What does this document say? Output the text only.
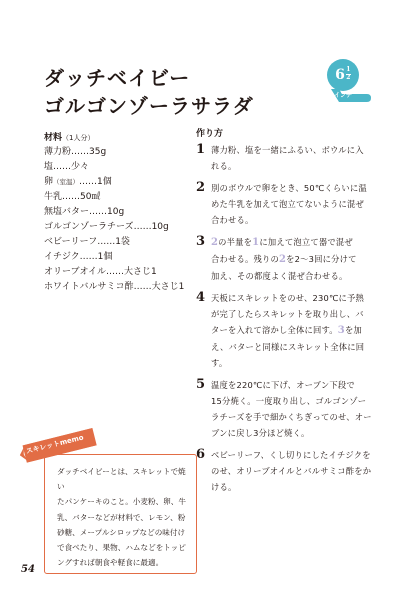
ダッチベイビー
ゴルゴンゾーラサラダ
$6 \frac{1}{2}$
インチ
材料（1人分）
薄力粉……35g
塩……少々
卵（室温）……1個
牛乳……50㎖
無塩バター……10g
ゴルゴンゾーラチーズ……10g
ベビーリーフ……1袋
イチジク……1個
オリーブオイル……大さじ1
ホワイトバルサミコ酢……大さじ1
作り方
1 薄力粉、塩を一緒にふるい、ボウルに入
れる。
2 別のボウルで卵をとき、50℃くらいに温
めた牛乳を加えて泡立てないように混ぜ
合わせる。
3 2の半量を1に加えて泡立て器で混ぜ
合わせる。残りの2を2～3回に分けて
加え、その都度よく混ぜ合わせる。
4 天板にスキレットをのせ、230℃に予熱
が完了したらスキレットを取り出し、バ
ターを入れて溶かし全体に回す。3を加
え、バターと同様にスキレット全体に回
す。
5 温度を220℃に下げ、オーブン下段で
15分焼く。一度取り出し、ゴルゴンゾー
ラチーズを手で細かくちぎってのせ、オー
ブンに戻し3分ほど焼く。
6 ベビーリーフ、くし切りにしたイチジクを
のせ、オリーブオイルとバルサミコ酢をか
ける。
ダッチベイビーとは、スキレットで焼い
たパンケーキのこと。小麦粉、卵、牛
乳、バターなどが材料で、レモン、粉
砂糖、メープルシロップなどの味付け
で食べたり、果物、ハムなどをトッピ
ングすれば朝食や軽食に最適。
スキレットmemo
54
